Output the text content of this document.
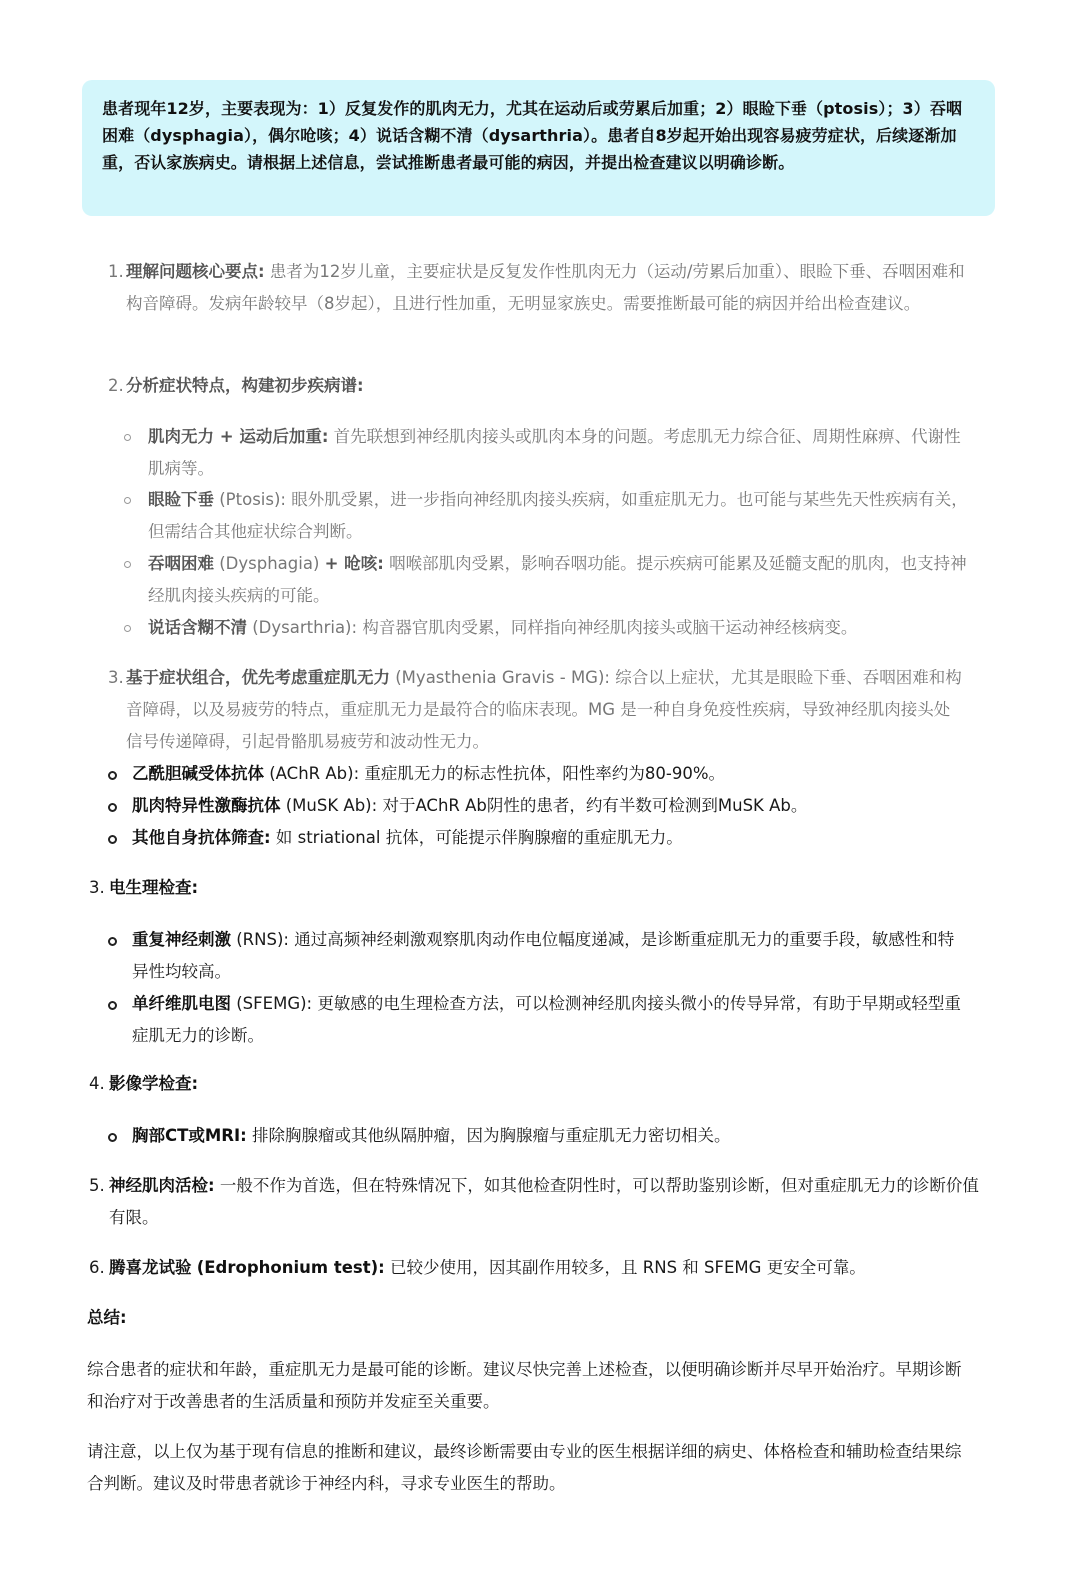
患者现年12岁，主要表现为：1）反复发作的肌肉无力，尤其在运动后或劳累后加重；2）眼睑下垂（ptosis）；3）吞咽困难（dysphagia），偶尔呛咳；4）说话含糊不清（dysarthria）。患者自8岁起开始出现容易疲劳症状，后续逐渐加重，否认家族病史。请根据上述信息，尝试推断患者最可能的病因，并提出检查建议以明确诊断。

1. 理解问题核心要点: 患者为12岁儿童，主要症状是反复发作性肌肉无力（运动/劳累后加重）、眼睑下垂、吞咽困难和构音障碍。发病年龄较早（8岁起），且进行性加重，无明显家族史。需要推断最可能的病因并给出检查建议。
2. 分析症状特点，构建初步疾病谱:
肌肉无力 + 运动后加重: 首先联想到神经肌肉接头或肌肉本身的问题。考虑肌无力综合征、周期性麻痹、代谢性肌病等。
眼睑下垂 (Ptosis): 眼外肌受累，进一步指向神经肌肉接头疾病，如重症肌无力。也可能与某些先天性疾病有关，但需结合其他症状综合判断。
吞咽困难 (Dysphagia) + 呛咳: 咽喉部肌肉受累，影响吞咽功能。提示疾病可能累及延髓支配的肌肉，也支持神经肌肉接头疾病的可能。
说话含糊不清 (Dysarthria): 构音器官肌肉受累，同样指向神经肌肉接头或脑干运动神经核病变。
3. 基于症状组合，优先考虑重症肌无力 (Myasthenia Gravis - MG): 综合以上症状，尤其是眼睑下垂、吞咽困难和构音障碍，以及易疲劳的特点，重症肌无力是最符合的临床表现。MG 是一种自身免疫性疾病，导致神经肌肉接头处信号传递障碍，引起骨骼肌易疲劳和波动性无力。
乙酰胆碱受体抗体 (AChR Ab): 重症肌无力的标志性抗体，阳性率约为80-90%。
肌肉特异性激酶抗体 (MuSK Ab): 对于AChR Ab阴性的患者，约有半数可检测到MuSK Ab。
其他自身抗体筛查: 如 striational 抗体，可能提示伴胸腺瘤的重症肌无力。
3. 电生理检查:
重复神经刺激 (RNS): 通过高频神经刺激观察肌肉动作电位幅度递减，是诊断重症肌无力的重要手段，敏感性和特异性均较高。
单纤维肌电图 (SFEMG): 更敏感的电生理检查方法，可以检测神经肌肉接头微小的传导异常，有助于早期或轻型重症肌无力的诊断。
4. 影像学检查:
胸部CT或MRI: 排除胸腺瘤或其他纵隔肿瘤，因为胸腺瘤与重症肌无力密切相关。
5. 神经肌肉活检: 一般不作为首选，但在特殊情况下，如其他检查阴性时，可以帮助鉴别诊断，但对重症肌无力的诊断价值有限。
6. 腾喜龙试验 (Edrophonium test): 已较少使用，因其副作用较多，且 RNS 和 SFEMG 更安全可靠。
总结:
综合患者的症状和年龄，重症肌无力是最可能的诊断。建议尽快完善上述检查，以便明确诊断并尽早开始治疗。早期诊断和治疗对于改善患者的生活质量和预防并发症至关重要。
请注意，以上仅为基于现有信息的推断和建议，最终诊断需要由专业的医生根据详细的病史、体格检查和辅助检查结果综合判断。建议及时带患者就诊于神经内科，寻求专业医生的帮助。
